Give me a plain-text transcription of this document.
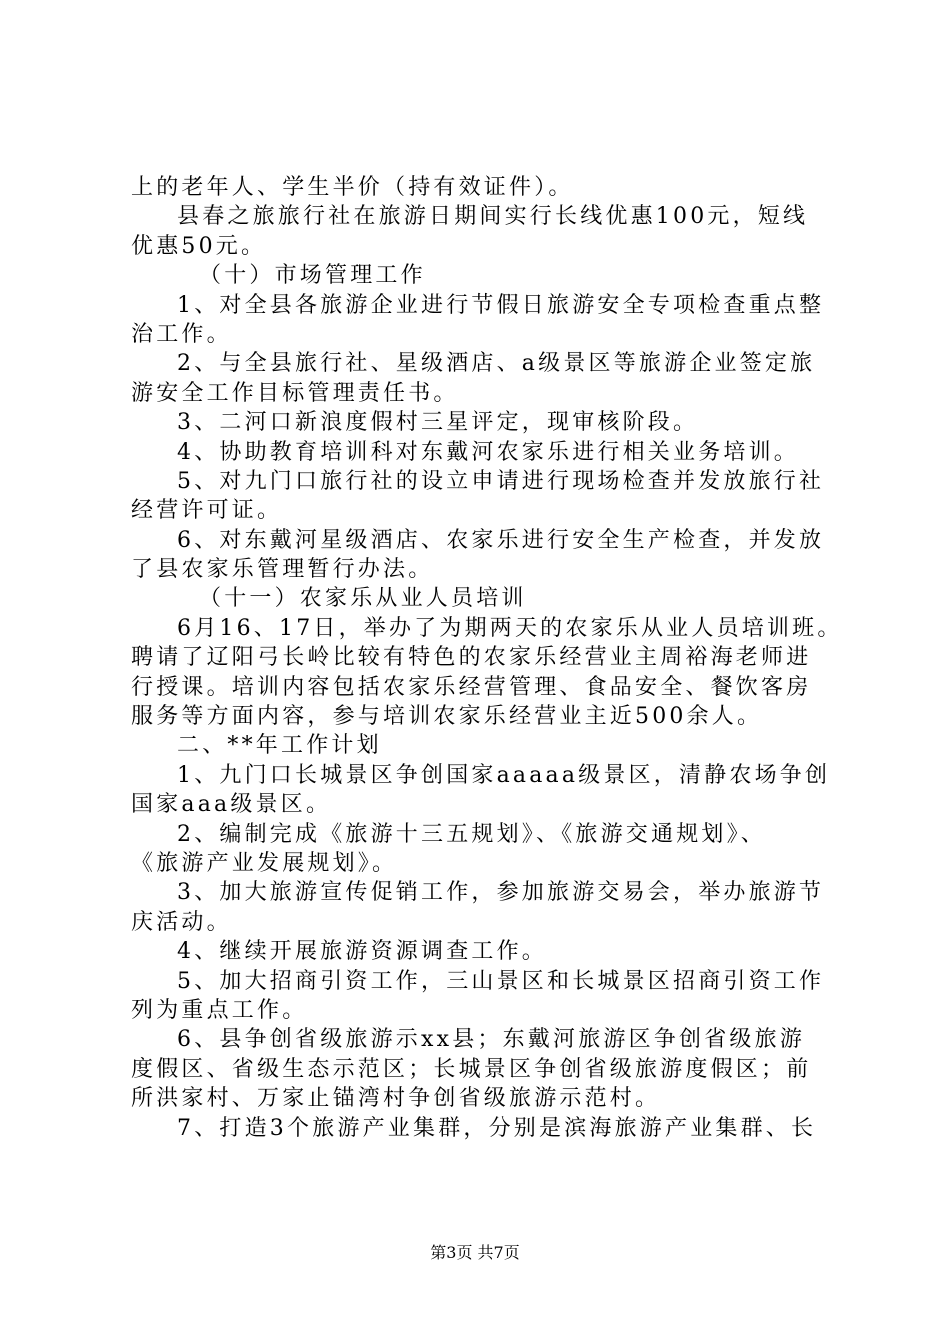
上的老年人、学生半价（持有效证件）。
县春之旅旅行社在旅游日期间实行长线优惠100元，短线
优惠50元。
（十）市场管理工作
1、对全县各旅游企业进行节假日旅游安全专项检查重点整
治工作。
2、与全县旅行社、星级酒店、a级景区等旅游企业签定旅
游安全工作目标管理责任书。
3、二河口新浪度假村三星评定，现审核阶段。
4、协助教育培训科对东戴河农家乐进行相关业务培训。
5、对九门口旅行社的设立申请进行现场检查并发放旅行社
经营许可证。
6、对东戴河星级酒店、农家乐进行安全生产检查，并发放
了县农家乐管理暂行办法。
（十一）农家乐从业人员培训
6月16、17日，举办了为期两天的农家乐从业人员培训班。
聘请了辽阳弓长岭比较有特色的农家乐经营业主周裕海老师进
行授课。培训内容包括农家乐经营管理、食品安全、餐饮客房
服务等方面内容，参与培训农家乐经营业主近500余人。
二、**年工作计划
1、九门口长城景区争创国家aaaaa级景区，清静农场争创
国家aaa级景区。
2、编制完成《旅游十三五规划》、《旅游交通规划》、
《旅游产业发展规划》。
3、加大旅游宣传促销工作，参加旅游交易会，举办旅游节
庆活动。
4、继续开展旅游资源调查工作。
5、加大招商引资工作，三山景区和长城景区招商引资工作
列为重点工作。
6、县争创省级旅游示xx县；东戴河旅游区争创省级旅游
度假区、省级生态示范区；长城景区争创省级旅游度假区；前
所洪家村、万家止锚湾村争创省级旅游示范村。
7、打造3个旅游产业集群，分别是滨海旅游产业集群、长
第3页 共7页
